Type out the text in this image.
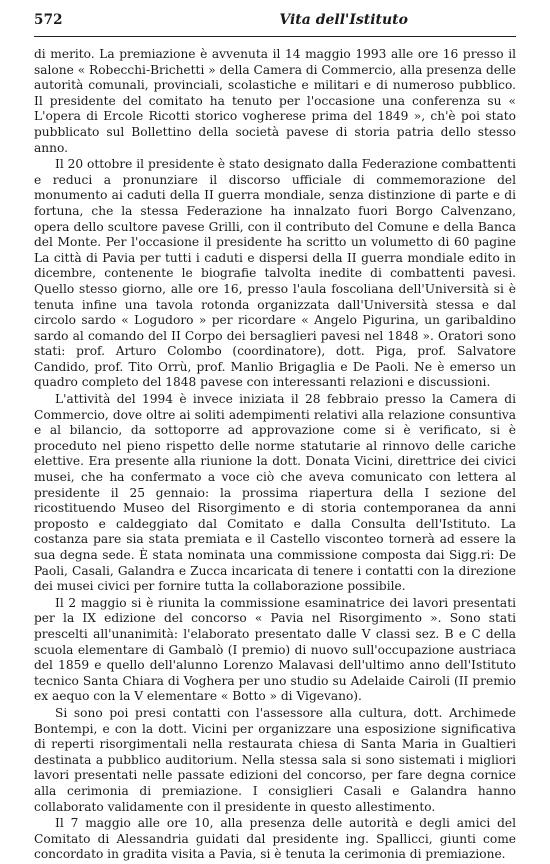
572	Vita dell'Istituto

di merito. La premiazione è avvenuta il 14 maggio 1993 alle ore 16 presso il salone « Robecchi-Brichetti » della Camera di Commercio, alla presenza delle autorità comunali, provinciali, scolastiche e militari e di numeroso pubblico. Il presidente del comitato ha tenuto per l'occasione una conferenza su « L'opera di Ercole Ricotti storico vogherese prima del 1849 », ch'è poi stato pubblicato sul Bollettino della società pavese di storia patria dello stesso anno.

Il 20 ottobre il presidente è stato designato dalla Federazione combattenti e reduci a pronunziare il discorso ufficiale di commemorazione del monumento ai caduti della II guerra mondiale, senza distinzione di parte e di fortuna, che la stessa Federazione ha innalzato fuori Borgo Calvenzano, opera dello scultore pavese Grilli, con il contributo del Comune e della Banca del Monte. Per l'occasione il presidente ha scritto un volumetto di 60 pagine La città di Pavia per tutti i caduti e dispersi della II guerra mondiale edito in dicembre, contenente le biografie talvolta inedite di combattenti pavesi. Quello stesso giorno, alle ore 16, presso l'aula foscoliana dell'Università si è tenuta infine una tavola rotonda organizzata dall'Università stessa e dal circolo sardo « Logudoro » per ricordare « Angelo Pigurina, un garibaldino sardo al comando del II Corpo dei bersaglieri pavesi nel 1848 ». Oratori sono stati: prof. Arturo Colombo (coordinatore), dott. Piga, prof. Salvatore Candido, prof. Tito Orrù, prof. Manlio Brigaglia e De Paoli. Ne è emerso un quadro completo del 1848 pavese con interessanti relazioni e discussioni.

L'attività del 1994 è invece iniziata il 28 febbraio presso la Camera di Commercio, dove oltre ai soliti adempimenti relativi alla relazione consuntiva e al bilancio, da sottoporre ad approvazione come si è verificato, si è proceduto nel pieno rispetto delle norme statutarie al rinnovo delle cariche elettive. Era presente alla riunione la dott. Donata Vicini, direttrice dei civici musei, che ha confermato a voce ciò che aveva comunicato con lettera al presidente il 25 gennaio: la prossima riapertura della I sezione del ricostituendo Museo del Risorgimento e di storia contemporanea da anni proposto e caldeggiato dal Comitato e dalla Consulta dell'Istituto. La costanza pare sia stata premiata e il Castello visconteo tornerà ad essere la sua degna sede. È stata nominata una commissione composta dai Sigg.ri: De Paoli, Casali, Galandra e Zucca incaricata di tenere i contatti con la direzione dei musei civici per fornire tutta la collaborazione possibile.

Il 2 maggio si è riunita la commissione esaminatrice dei lavori presentati per la IX edizione del concorso « Pavia nel Risorgimento ». Sono stati prescelti all'unanimità: l'elaborato presentato dalle V classi sez. B e C della scuola elementare di Gambalò (I premio) di nuovo sull'occupazione austriaca del 1859 e quello dell'alunno Lorenzo Malavasi dell'ultimo anno dell'Istituto tecnico Santa Chiara di Voghera per uno studio su Adelaide Cairoli (II premio ex aequo con la V elementare « Botto » di Vigevano).

Si sono poi presi contatti con l'assessore alla cultura, dott. Archimede Bontempi, e con la dott. Vicini per organizzare una esposizione significativa di reperti risorgimentali nella restaurata chiesa di Santa Maria in Gualtieri destinata a pubblico auditorium. Nella stessa sala si sono sistemati i migliori lavori presentati nelle passate edizioni del concorso, per fare degna cornice alla cerimonia di premiazione. I consiglieri Casali e Galandra hanno collaborato validamente con il presidente in questo allestimento.

Il 7 maggio alle ore 10, alla presenza delle autorità e degli amici del Comitato di Alessandria guidati dal presidente ing. Spallicci, giunti come concordato in gradita visita a Pavia, si è tenuta la cerimonia di premiazione.
